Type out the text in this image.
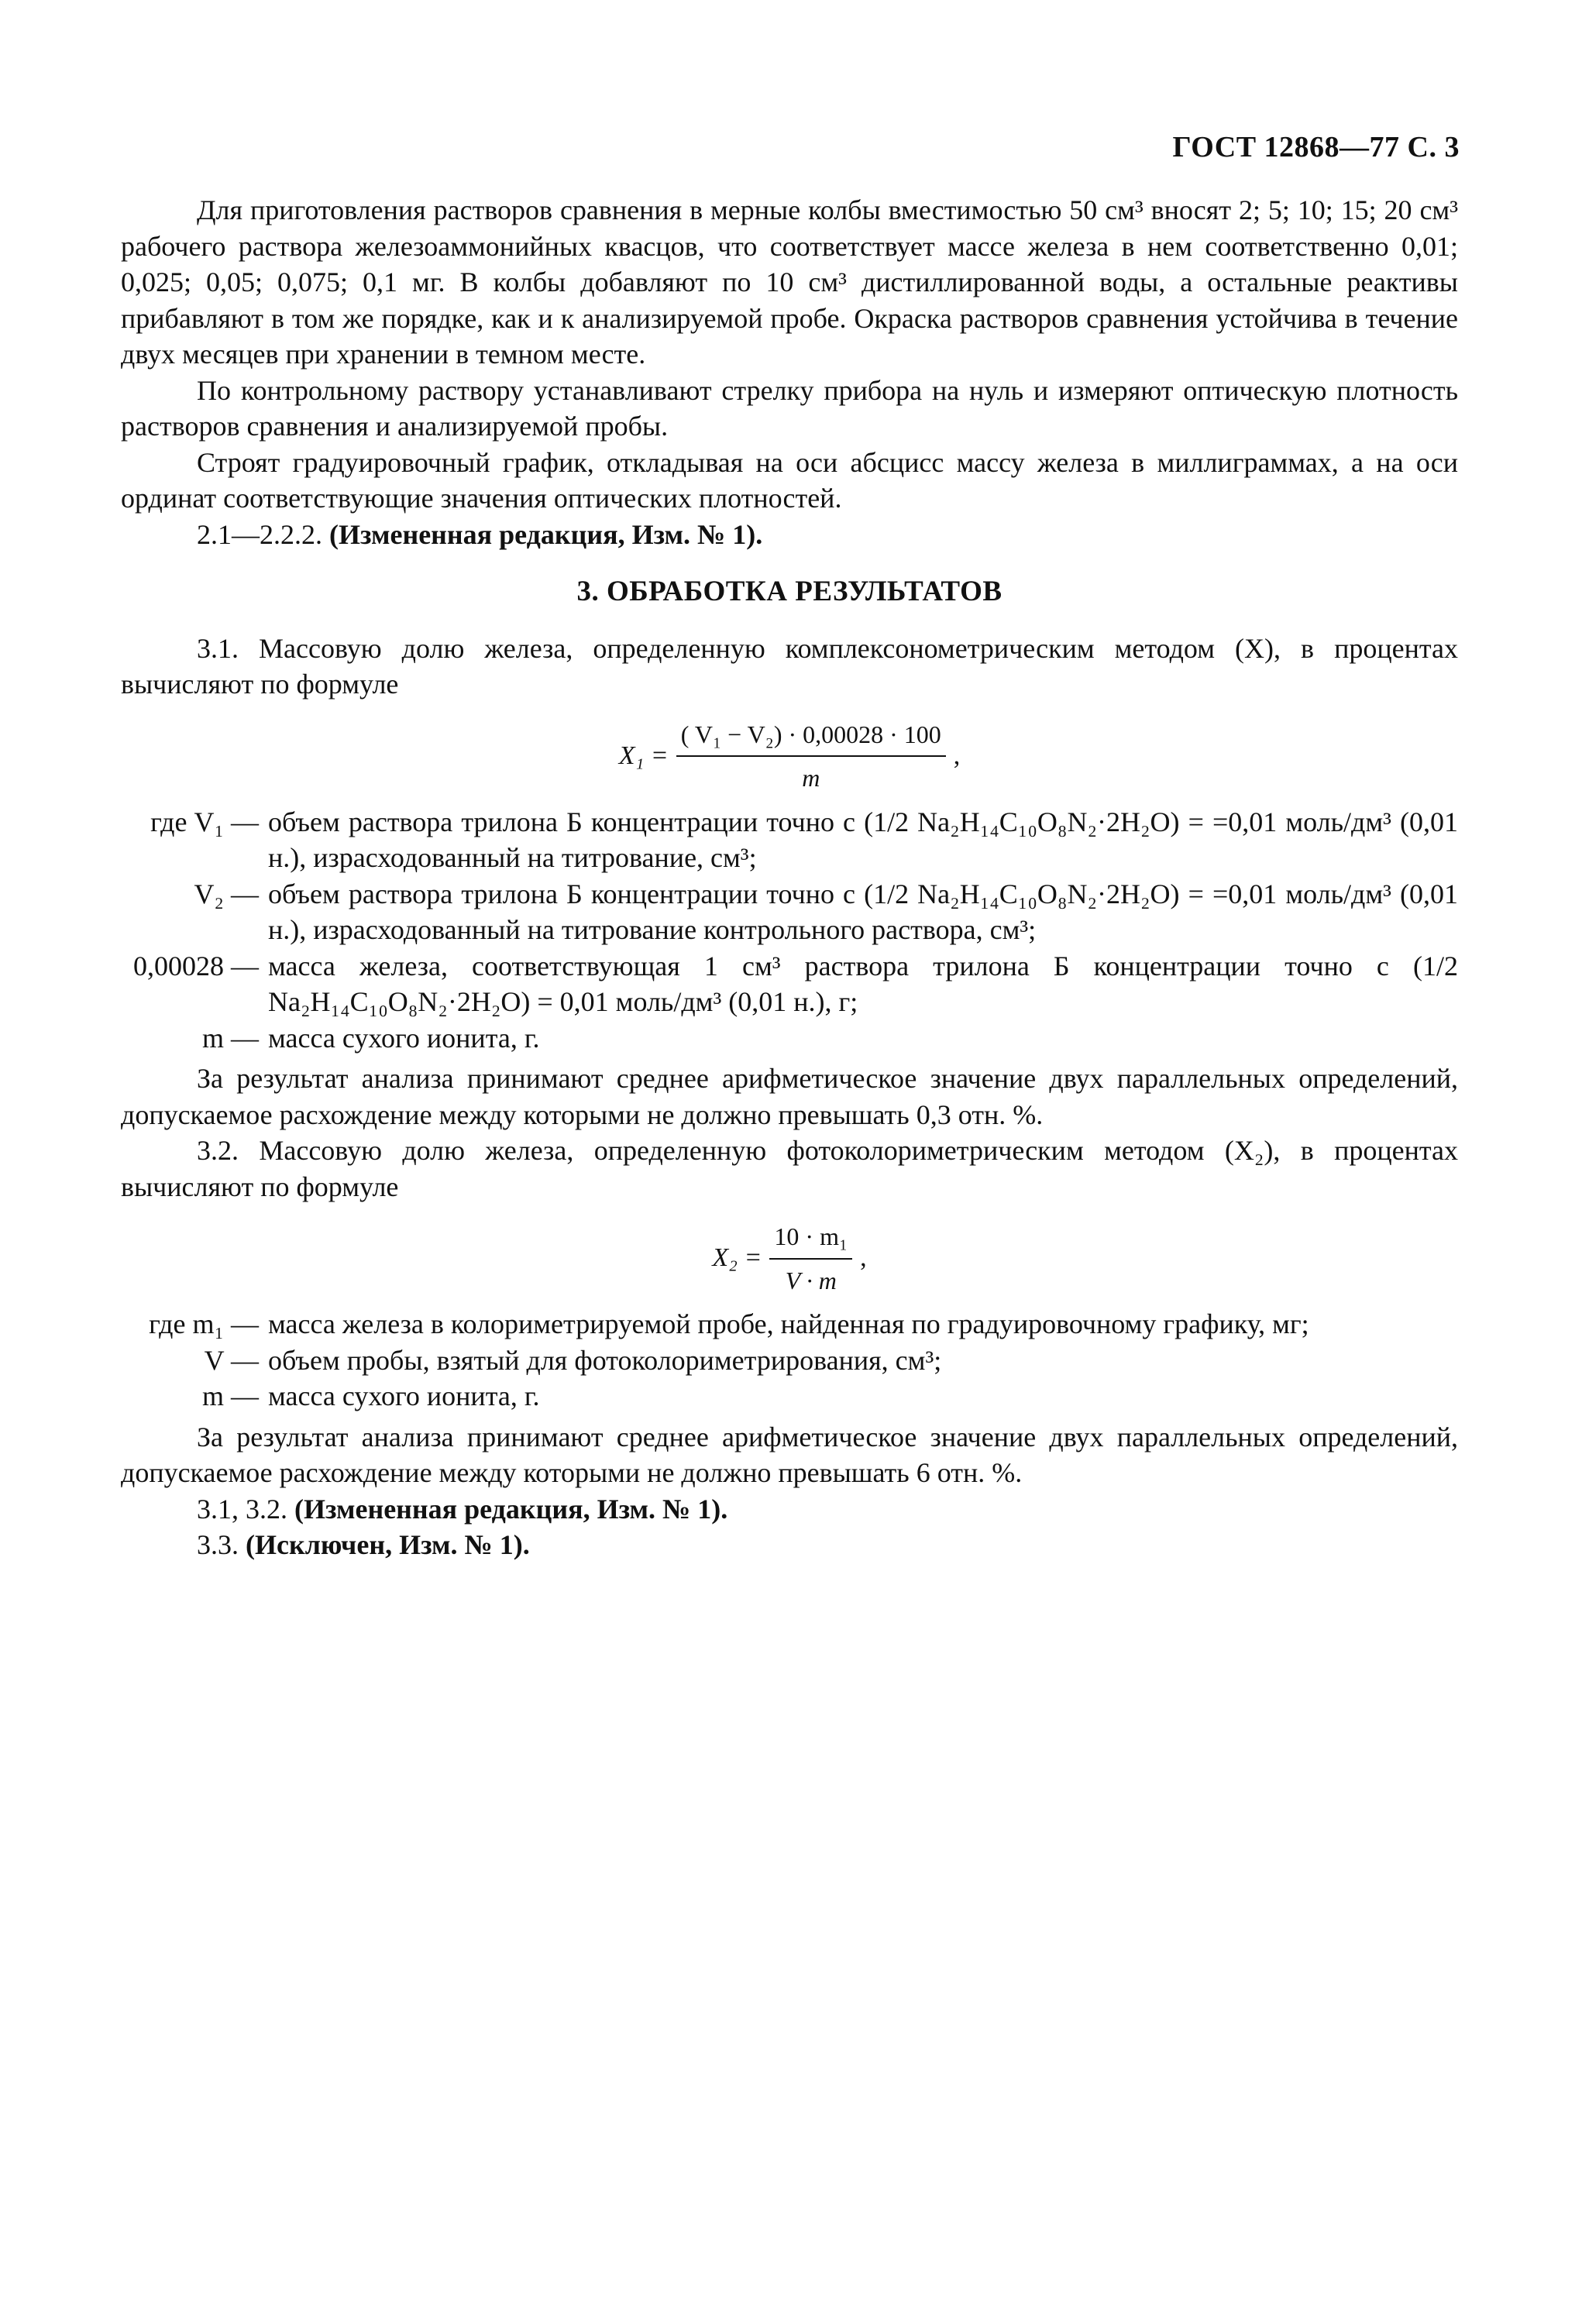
ГОСТ 12868—77 С. 3

Для приготовления растворов сравнения в мерные колбы вместимостью 50 см³ вносят 2; 5; 10; 15; 20 см³ рабочего раствора железоаммонийных квасцов, что соответствует массе железа в нем соответственно 0,01; 0,025; 0,05; 0,075; 0,1 мг. В колбы добавляют по 10 см³ дистиллированной воды, а остальные реактивы прибавляют в том же порядке, как и к анализируемой пробе. Окраска растворов сравнения устойчива в течение двух месяцев при хранении в темном месте.

По контрольному раствору устанавливают стрелку прибора на нуль и измеряют оптическую плотность растворов сравнения и анализируемой пробы.

Строят градуировочный график, откладывая на оси абсцисс массу железа в миллиграммах, а на оси ординат соответствующие значения оптических плотностей.

2.1—2.2.2. (Измененная редакция, Изм. № 1).

3. ОБРАБОТКА РЕЗУЛЬТАТОВ

3.1. Массовую долю железа, определенную комплексонометрическим методом (X), в процентах вычисляют по формуле

$X_1 = \frac{\text{( V₁ − V₂) · 0,00028 · 100}}{m}$ ,
где V₁ — объем раствора трилона Б концентрации точно c (1/2 Na₂H₁₄C₁₀O₈N₂·2H₂O) = =0,01 моль/дм³ (0,01 н.), израсходованный на титрование, см³;
V₂ — объем раствора трилона Б концентрации точно c (1/2 Na₂H₁₄C₁₀O₈N₂·2H₂O) = =0,01 моль/дм³ (0,01 н.), израсходованный на титрование контрольного раствора, см³;
0,00028 — масса железа, соответствующая 1 см³ раствора трилона Б концентрации точно c (1/2 Na₂H₁₄C₁₀O₈N₂·2H₂O) = 0,01 моль/дм³ (0,01 н.), г;
m — масса сухого ионита, г.

За результат анализа принимают среднее арифметическое значение двух параллельных определений, допускаемое расхождение между которыми не должно превышать 0,3 отн. %.

3.2. Массовую долю железа, определенную фотоколориметрическим методом (X₂), в процентах вычисляют по формуле

$X_2 = \frac{\text{10 · m₁}}{V \cdot m}$ ,
где m₁ — масса железа в колориметрируемой пробе, найденная по градуировочному графику, мг;
V — объем пробы, взятый для фотоколориметрирования, см³;
m — масса сухого ионита, г.

За результат анализа принимают среднее арифметическое значение двух параллельных определений, допускаемое расхождение между которыми не должно превышать 6 отн. %.

3.1, 3.2. (Измененная редакция, Изм. № 1).

3.3. (Исключен, Изм. № 1).
